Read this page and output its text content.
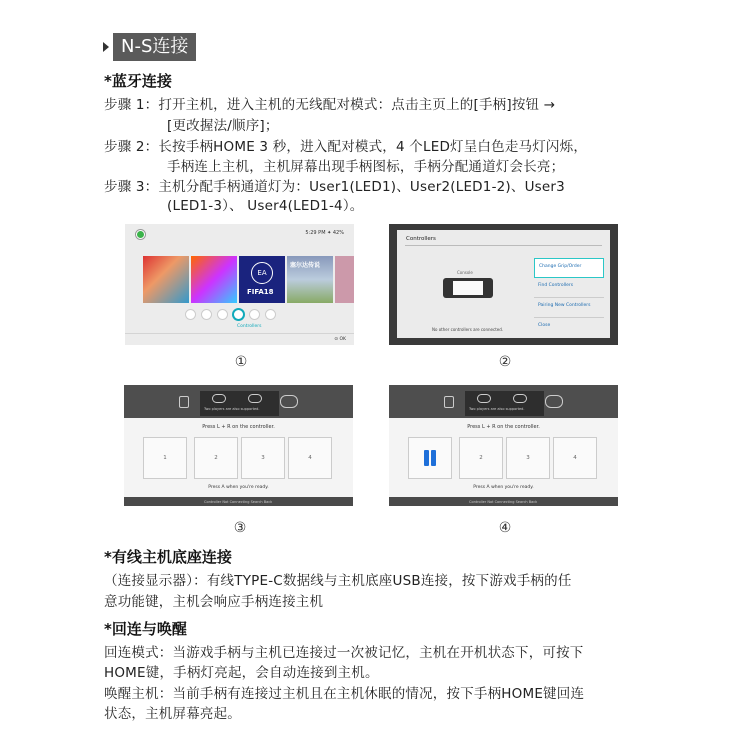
N-S连接
*蓝牙连接
步骤 1：打开主机，进入主机的无线配对模式：点击主页上的[手柄]按钮 →
[更改握法/顺序]；
步骤 2：长按手柄HOME 3 秒，进入配对模式，4 个LED灯呈白色走马灯闪烁，
手柄连上主机，主机屏幕出现手柄图标，手柄分配通道灯会长亮；
步骤 3：主机分配手柄通道灯为：User1(LED1)、User2(LED1-2)、User3
(LED1-3）、 User4(LED1-4）。
5:29 PM ✦ 42%
EA
FIFA18
塞尔达传说
Controllers
⊙ OK
①
Controllers
Console
Change Grip/Order
Find Controllers
Pairing New Controllers
Close
No other controllers are connected.
②
Two players are also supported.
Press L + R on the controller.
1	2	3	4
Press A when you're ready.
Controller Not Connecting Search Back
③
Two players are also supported.
Press L + R on the controller.
2	3	4
Press A when you're ready.
Controller Not Connecting Search Back
④
*有线主机底座连接
（连接显示器）：有线TYPE-C数据线与主机底座USB连接，按下游戏手柄的任
意功能键，主机会响应手柄连接主机
*回连与唤醒
回连模式：当游戏手柄与主机已连接过一次被记忆，主机在开机状态下，可按下
HOME键，手柄灯亮起，会自动连接到主机。
唤醒主机：当前手柄有连接过主机且在主机休眠的情况，按下手柄HOME键回连
状态，主机屏幕亮起。
